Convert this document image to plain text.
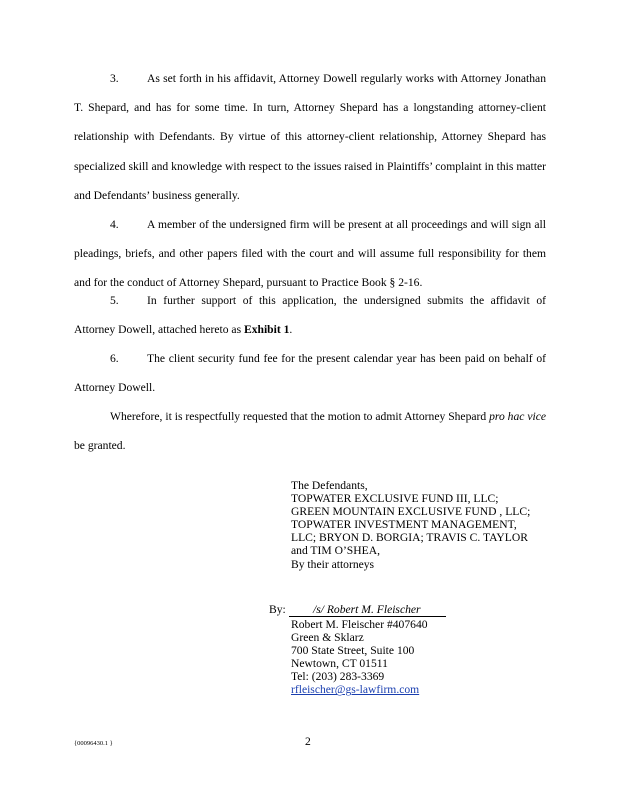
3. As set forth in his affidavit, Attorney Dowell regularly works with Attorney Jonathan T. Shepard, and has for some time. In turn, Attorney Shepard has a longstanding attorney-client relationship with Defendants. By virtue of this attorney-client relationship, Attorney Shepard has specialized skill and knowledge with respect to the issues raised in Plaintiffs’ complaint in this matter and Defendants’ business generally.

4. A member of the undersigned firm will be present at all proceedings and will sign all pleadings, briefs, and other papers filed with the court and will assume full responsibility for them and for the conduct of Attorney Shepard, pursuant to Practice Book § 2-16.

5. In further support of this application, the undersigned submits the affidavit of Attorney Dowell, attached hereto as Exhibit 1.

6. The client security fund fee for the present calendar year has been paid on behalf of Attorney Dowell.

Wherefore, it is respectfully requested that the motion to admit Attorney Shepard pro hac vice be granted.

The Defendants,
TOPWATER EXCLUSIVE FUND III, LLC;
GREEN MOUNTAIN EXCLUSIVE FUND , LLC;
TOPWATER INVESTMENT MANAGEMENT,
LLC; BRYON D. BORGIA; TRAVIS C. TAYLOR
and TIM O’SHEA,
By their attorneys
By:	/s/ Robert M. Fleischer
Robert M. Fleischer #407640
Green & Sklarz
700 State Street, Suite 100
Newtown, CT 01511
Tel: (203) 283-3369
rfleischer@gs-lawfirm.com
{00096430.1 }	2
